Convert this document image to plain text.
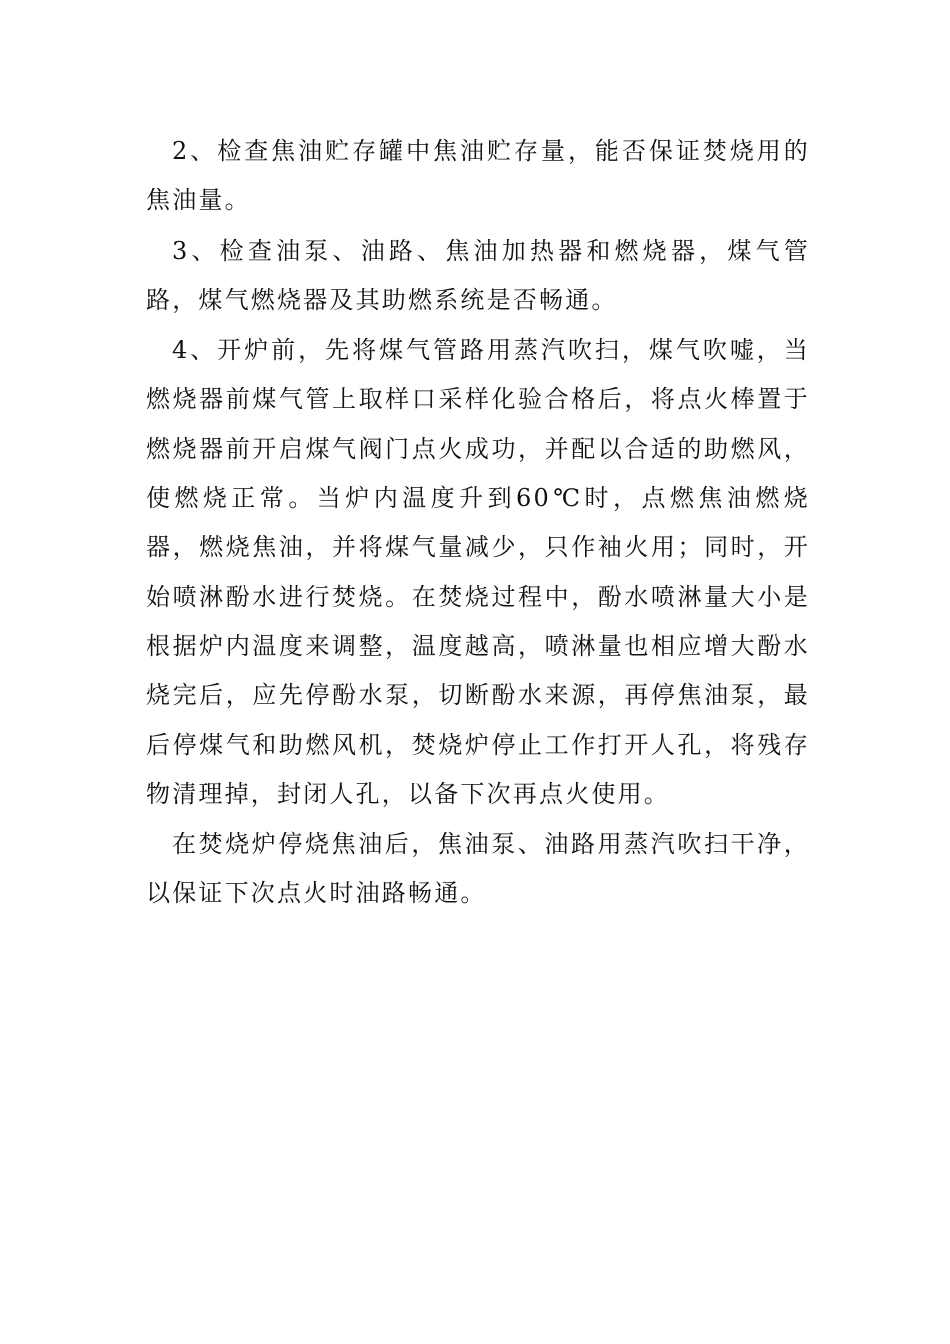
2、检查焦油贮存罐中焦油贮存量，能否保证焚烧用的焦油量。

3、检查油泵、油路、焦油加热器和燃烧器，煤气管路，煤气燃烧器及其助燃系统是否畅通。

4、开炉前，先将煤气管路用蒸汽吹扫，煤气吹嘘，当燃烧器前煤气管上取样口采样化验合格后，将点火棒置于燃烧器前开启煤气阀门点火成功，并配以合适的助燃风，使燃烧正常。当炉内温度升到60℃时，点燃焦油燃烧器，燃烧焦油，并将煤气量减少，只作袖火用；同时，开始喷淋酚水进行焚烧。在焚烧过程中，酚水喷淋量大小是根据炉内温度来调整，温度越高，喷淋量也相应增大酚水烧完后，应先停酚水泵，切断酚水来源，再停焦油泵，最后停煤气和助燃风机，焚烧炉停止工作打开人孔，将残存物清理掉，封闭人孔，以备下次再点火使用。

在焚烧炉停烧焦油后，焦油泵、油路用蒸汽吹扫干净，以保证下次点火时油路畅通。
